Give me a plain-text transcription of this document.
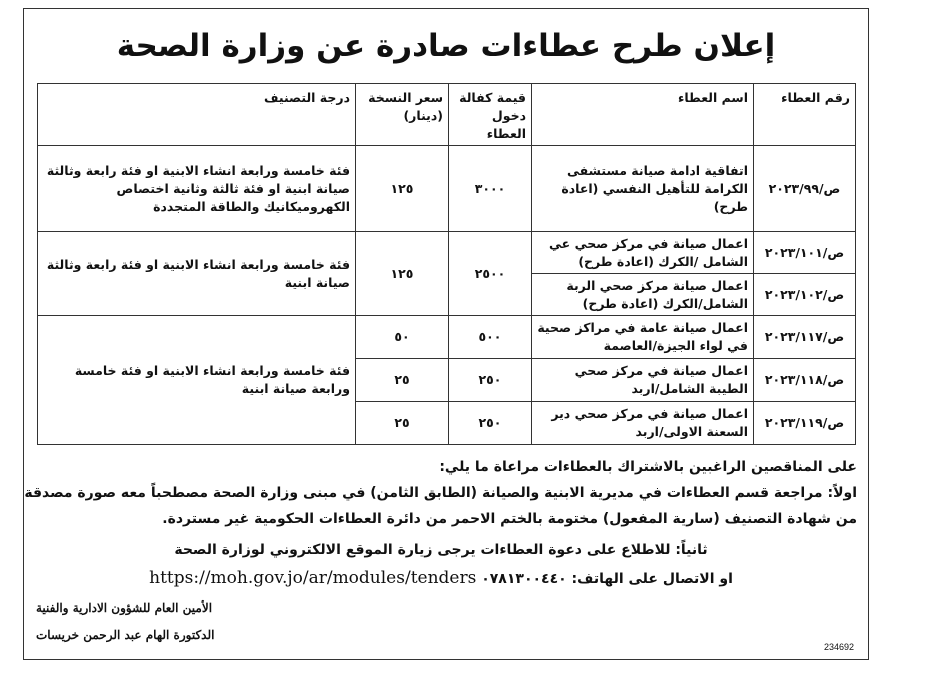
إعلان طرح عطاءات صادرة عن وزارة الصحة
رقم العطاء	اسم العطاء	قيمة كفالة دخول العطاء	سعر النسخة (دينار)	درجة التصنيف
ص/٢٠٢٣/٩٩	اتفاقية ادامة صيانة مستشفى الكرامة للتأهيل النفسي (اعادة طرح)	٣٠٠٠	١٢٥	فئة خامسة ورابعة انشاء الابنية او فئة رابعة وثالثة صيانة ابنية او فئة ثالثة وثانية اختصاص الكهروميكانيك والطاقة المتجددة
ص/٢٠٢٣/١٠١	اعمال صيانة في مركز صحي عي الشامل /الكرك (اعادة طرح)	٢٥٠٠	١٢٥	فئة خامسة ورابعة انشاء الابنية او فئة رابعة وثالثة صيانة ابنية
ص/٢٠٢٣/١٠٢	اعمال صيانة مركز صحي الربة الشامل/الكرك (اعادة طرح)			
ص/٢٠٢٣/١١٧	اعمال صيانة عامة في مراكز صحية في لواء الجيزة/العاصمة	٥٠٠	٥٠	فئة خامسة ورابعة انشاء الابنية او فئة خامسة ورابعة صيانة ابنية
ص/٢٠٢٣/١١٨	اعمال صيانة في مركز صحي الطيبة الشامل/اربد	٢٥٠	٢٥	
ص/٢٠٢٣/١١٩	اعمال صيانة في مركز صحي دير السعنة الاولى/اربد	٢٥٠	٢٥	
على المناقصين الراغبين بالاشتراك بالعطاءات مراعاة ما يلي:
اولاً: مراجعة قسم العطاءات في مديرية الابنية والصيانة (الطابق الثامن) في مبنى وزارة الصحة مصطحباً معه صورة مصدقة
من شهادة التصنيف (سارية المفعول) مختومة بالختم الاحمر من دائرة العطاءات الحكومية غير مستردة.
ثانياً: للاطلاع على دعوة العطاءات يرجى زيارة الموقع الالكتروني لوزارة الصحة
او الاتصال على الهاتف: ٠٧٨١٣٠٠٤٤٠ https://moh.gov.jo/ar/modules/tenders
الأمين العام للشؤون الادارية والفنية
الدكتورة الهام عبد الرحمن خريسات
234692
